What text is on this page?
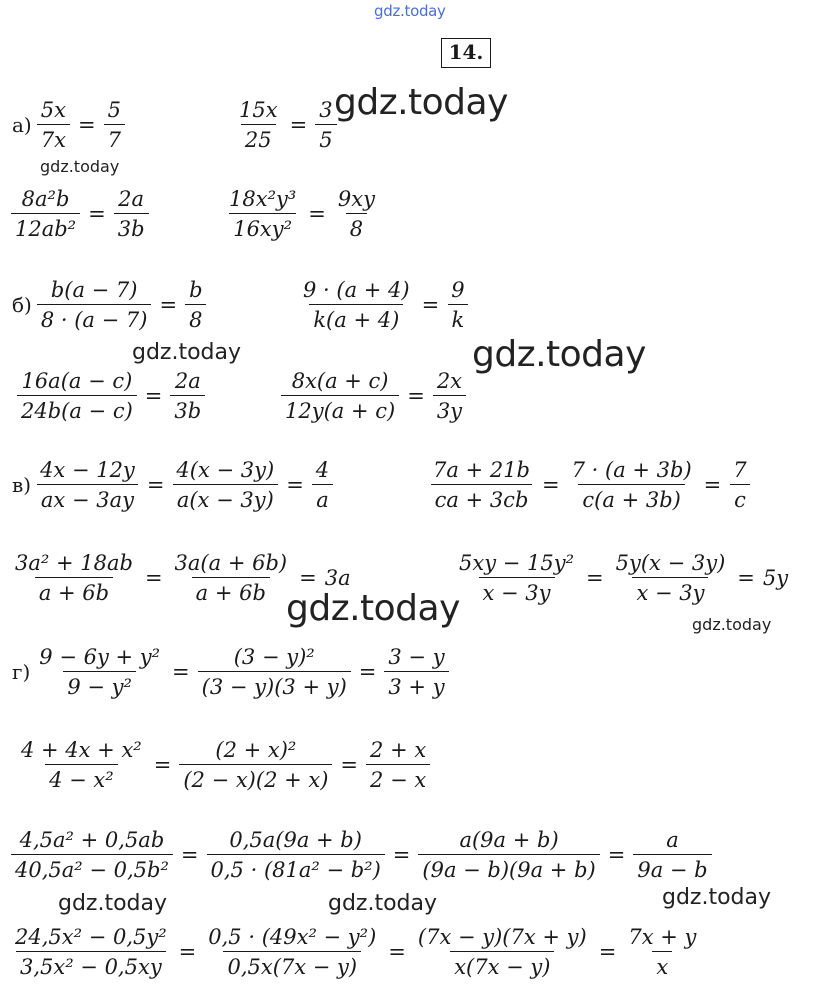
gdz.today
14.
$а) \frac{5x}{7x} = \frac{5}{7}$	$\frac{15x}{25} = \frac{3}{5}$
$\frac{\text{8a²b}}{\text{12ab²}} = \frac{2a}{3b}$	$\frac{\text{18x²y³}}{\text{16xy²}} = \frac{9xy}{8}$
$б) \frac{b(a - 7)}{8 \cdot (a - 7)} = \frac{b}{8}$	$\frac{9 \cdot (a + 4)}{k(a + 4)} = \frac{9}{k}$
$\frac{16a(a - c)}{24b(a - c)} = \frac{2a}{3b}$	$\frac{8x(a + c)}{12y(a + c)} = \frac{2x}{3y}$
$в) \frac{4x - 12y}{ax - 3ay} = \frac{4(x - 3y)}{a(x - 3y)} = \frac{4}{a}$	$\frac{7a + 21b}{ca + 3cb} = \frac{7 \cdot (a + 3b)}{c(a + 3b)} = \frac{7}{c}$
$\frac{\text{3a² + 18ab}}{a + 6b} = \frac{3a(a + 6b)}{a + 6b} = 3a$	$\frac{\text{5xy − 15y²}}{x - 3y} = \frac{5y(x - 3y)}{x - 3y} = 5y$
$г) \frac{\text{9 − 6y + y²}}{\text{9 − y²}} = \frac{\text{(3 − y)²}}{(3 - y)(3 + y)} = \frac{3 - y}{3 + y}$
$\frac{\text{4 + 4x + x²}}{\text{4 − x²}} = \frac{\text{(2 + x)²}}{(2 - x)(2 + x)} = \frac{2 + x}{2 - x}$
$\frac{\text{4,5a² + 0,5ab}}{\text{40,5a² − 0,5b²}} = \frac{0,5a(9a + b)}{\text{0,5 · (81a² − b²)}} = \frac{a(9a + b)}{(9a - b)(9a + b)} = \frac{a}{9a - b}$
$\frac{\text{24,5x² − 0,5y²}}{\text{3,5x² − 0,5xy}} = \frac{\text{0,5 · (49x² − y²)}}{0,5x(7x - y)} = \frac{(7x - y)(7x + y)}{x(7x - y)} = \frac{7x + y}{x}$
gdz.today
gdz.today
gdz.today	gdz.today
gdz.today	gdz.today
gdz.today
gdz.today	gdz.today
